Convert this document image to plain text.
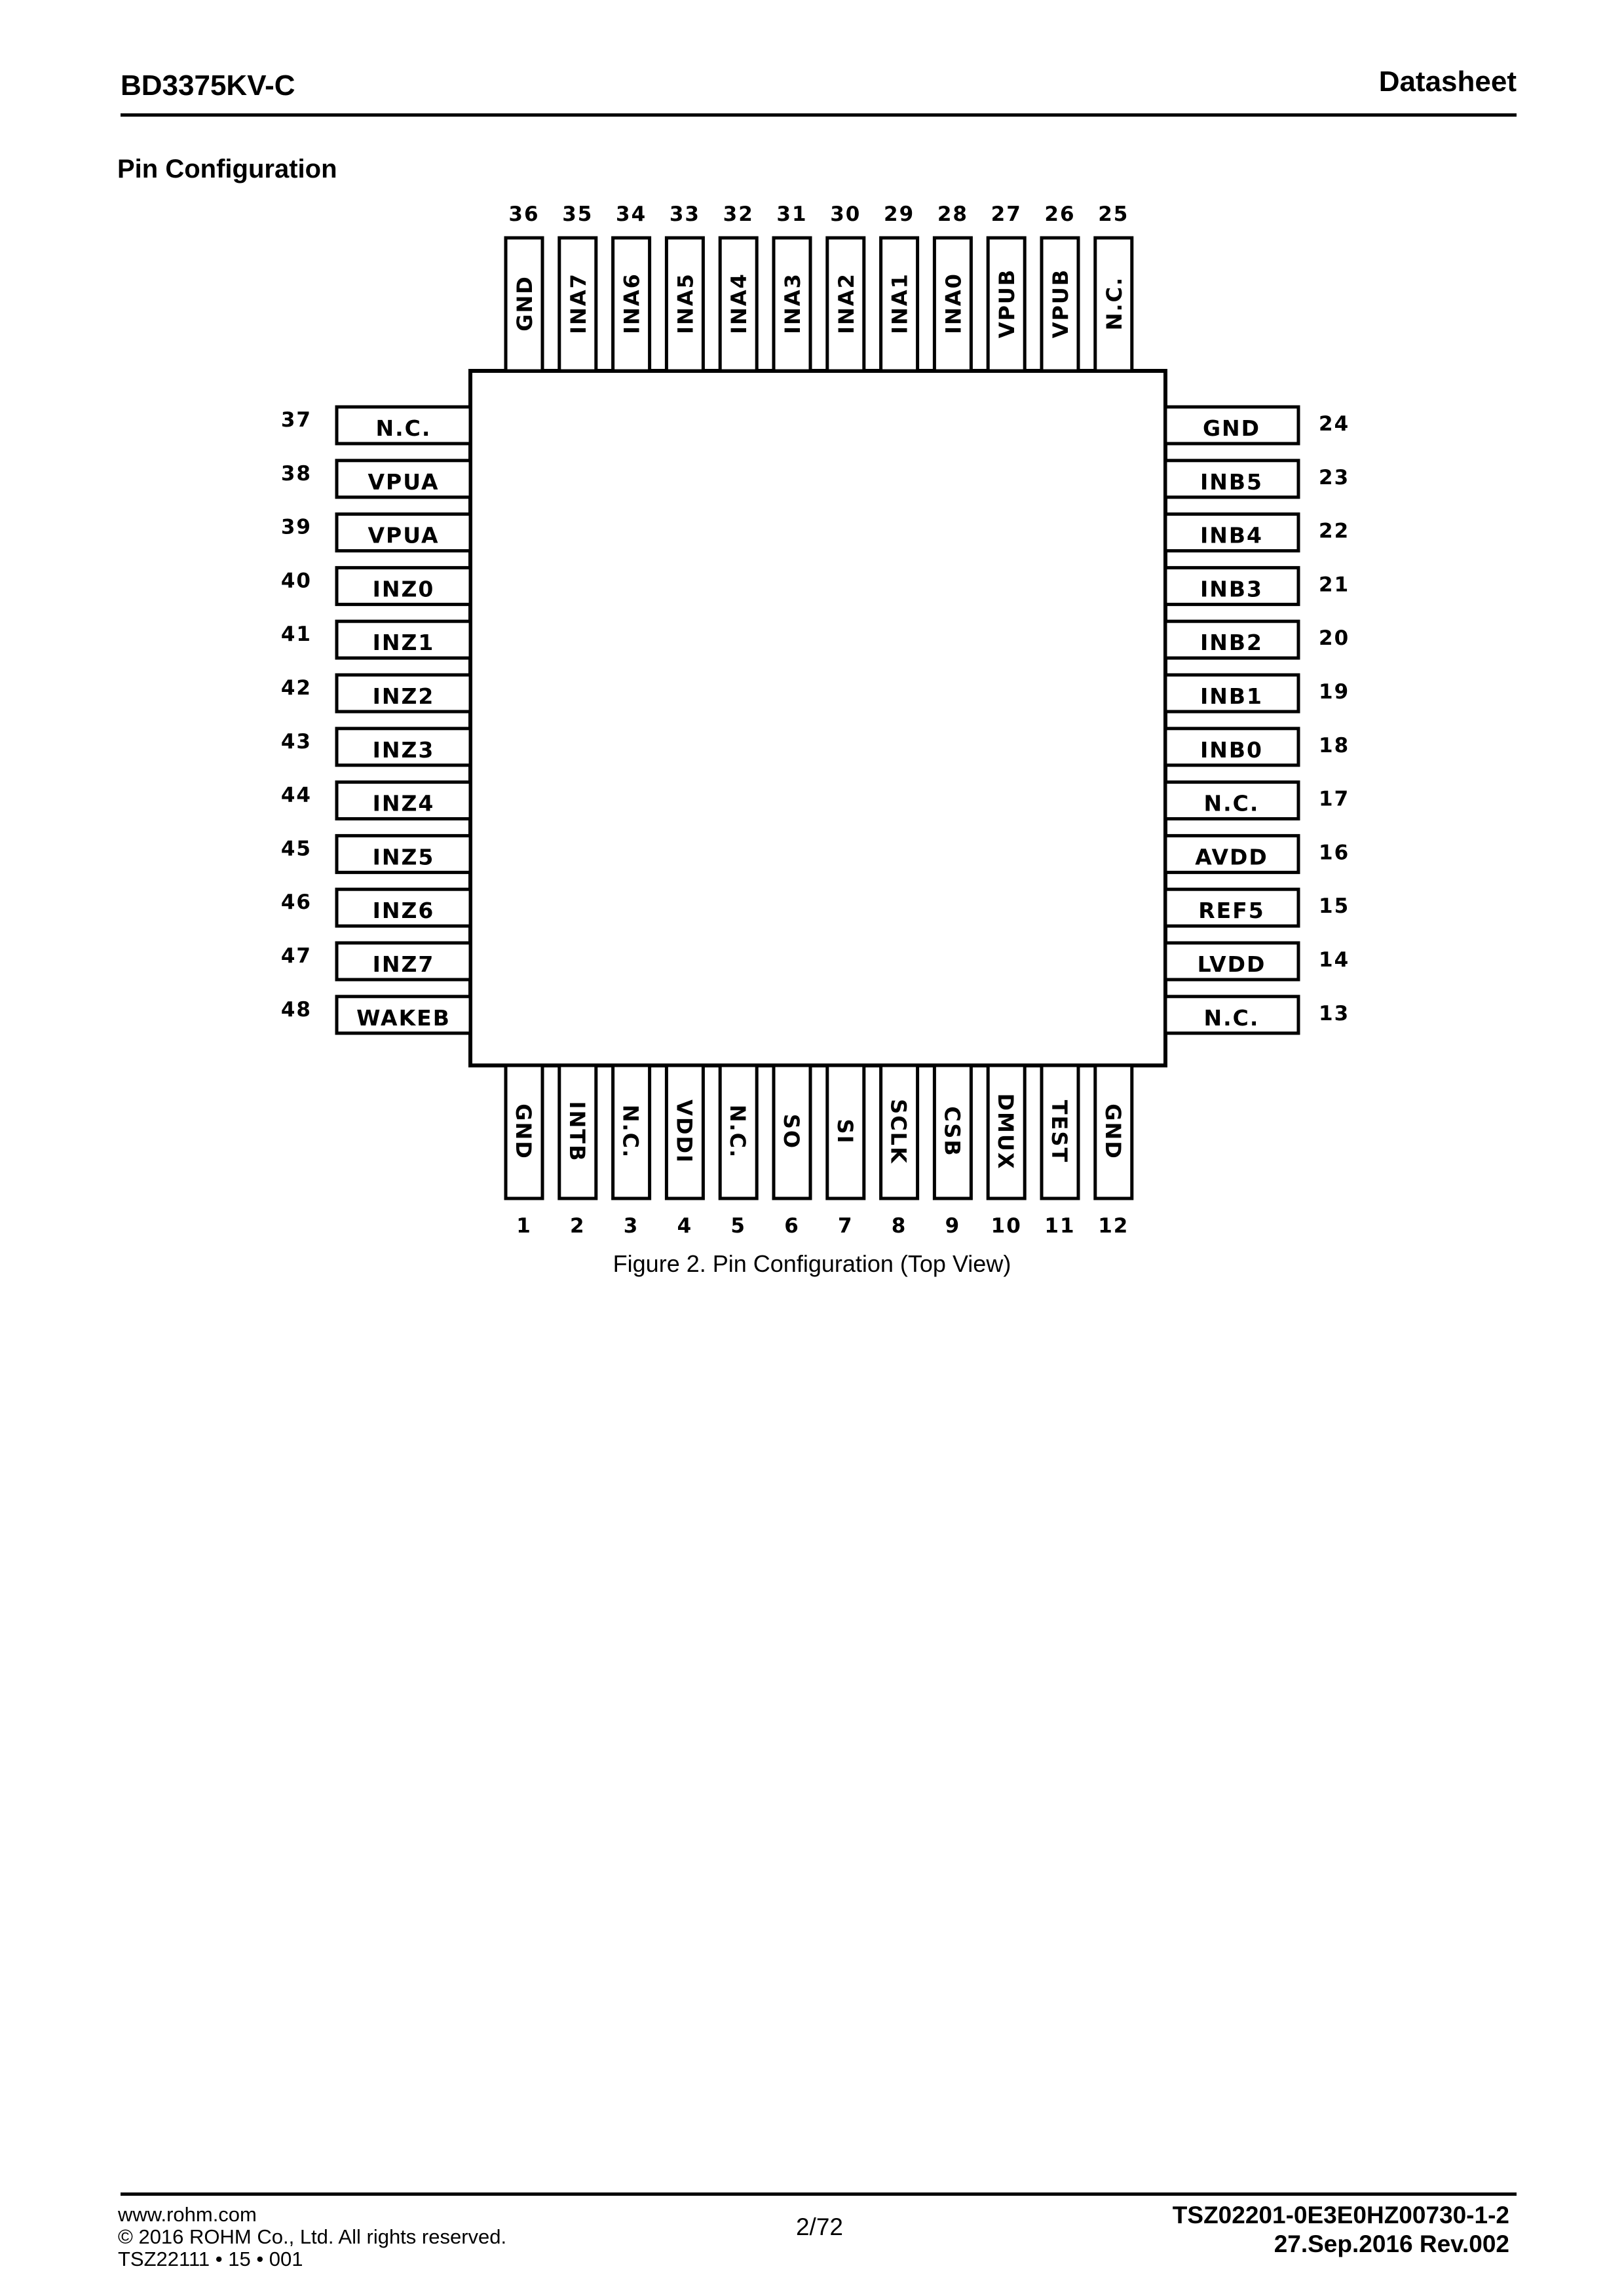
BD3375KV-C	Datasheet
Pin Configuration
N.C.
37
VPUA
38
VPUA
39
INZ0
40
INZ1
41
INZ2
42
INZ3
43
INZ4
44
INZ5
45
INZ6
46
INZ7
47
WAKEB
48
GND	24
INB5	23
INB4	22
INB3	21
INB2	20
INB1	19
INB0	18
N.C.	17
AVDD 16
REF5	15
LVDD	14
N.C.	13
GND
36
INA7
35
INA6
34
INA5
33
INA4
32
INA3
31
INA2
30
INA1
29
INA0
28
VPUB
27
VPUB
26
N.C.
25
GND
1
INTB
2
N.C.
3
VDDI
4
N.C.
5
SO
6
SI
7
SCLK
8
CSB
9
DMUX
10
TEST
11
GND
12
Figure 2. Pin Configuration (Top View)
www.rohm.com
© 2016 ROHM Co., Ltd. All rights reserved.
TSZ22111 • 15 • 001
2/72	TSZ02201-0E3E0HZ00730-1-2
27.Sep.2016 Rev.002
